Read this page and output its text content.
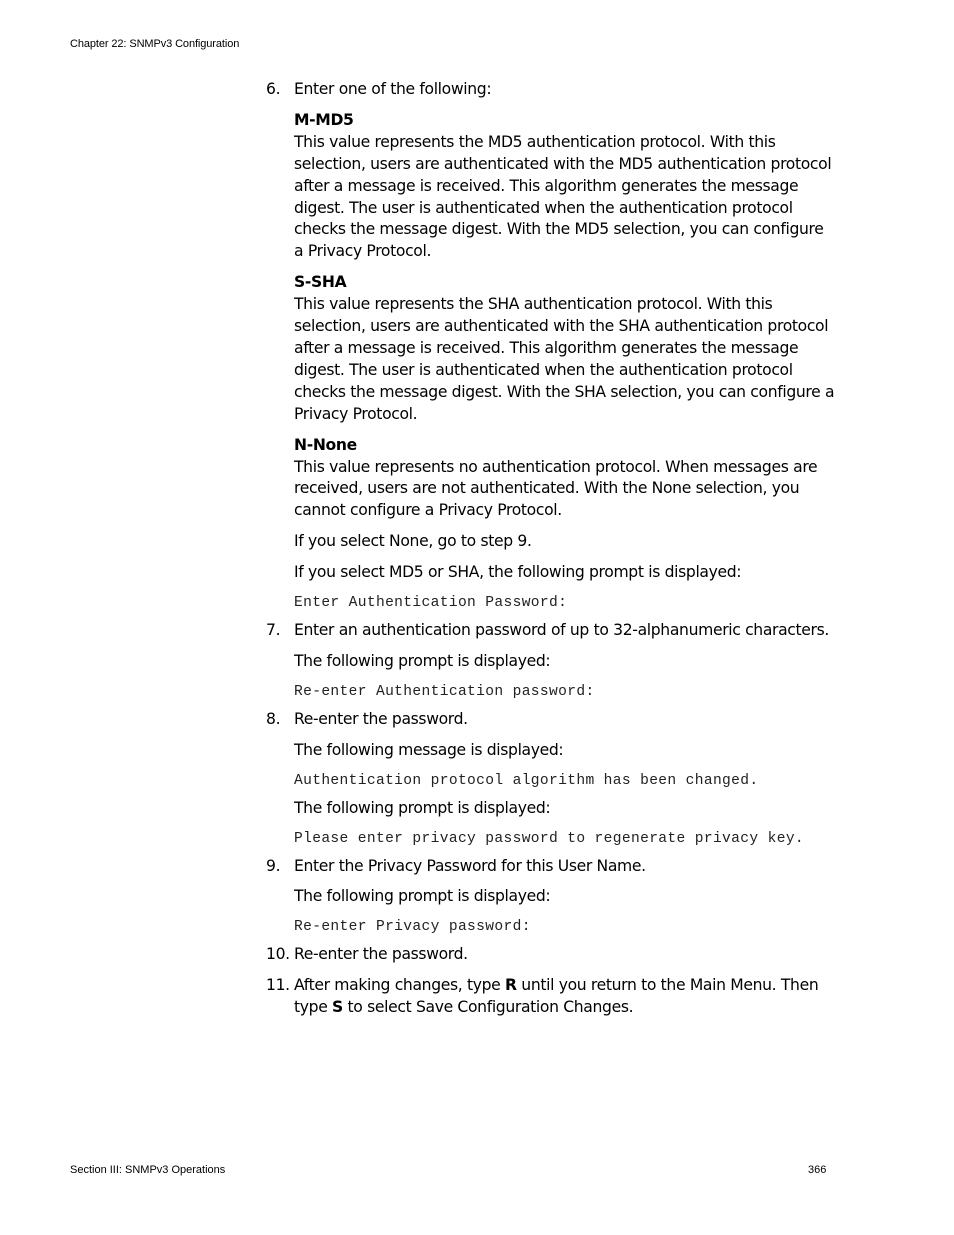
Chapter 22: SNMPv3 Configuration
6. Enter one of the following:

M-MD5

This value represents the MD5 authentication protocol. With this selection, users are authenticated with the MD5 authentication protocol after a message is received. This algorithm generates the message digest. The user is authenticated when the authentication protocol checks the message digest. With the MD5 selection, you can configure a Privacy Protocol.

S-SHA

This value represents the SHA authentication protocol. With this selection, users are authenticated with the SHA authentication protocol after a message is received. This algorithm generates the message digest. The user is authenticated when the authentication protocol checks the message digest. With the SHA selection, you can configure a Privacy Protocol.

N-None

This value represents no authentication protocol. When messages are received, users are not authenticated. With the None selection, you cannot configure a Privacy Protocol.

If you select None, go to step 9.

If you select MD5 or SHA, the following prompt is displayed:

Enter Authentication Password:
7. Enter an authentication password of up to 32-alphanumeric characters.

The following prompt is displayed:

Re-enter Authentication password:
8. Re-enter the password.

The following message is displayed:

Authentication protocol algorithm has been changed.

The following prompt is displayed:

Please enter privacy password to regenerate privacy key.
9. Enter the Privacy Password for this User Name.

The following prompt is displayed:

Re-enter Privacy password:
10. Re-enter the password.

11. After making changes, type R until you return to the Main Menu. Then type S to select Save Configuration Changes.

Section III: SNMPv3 Operations	366
